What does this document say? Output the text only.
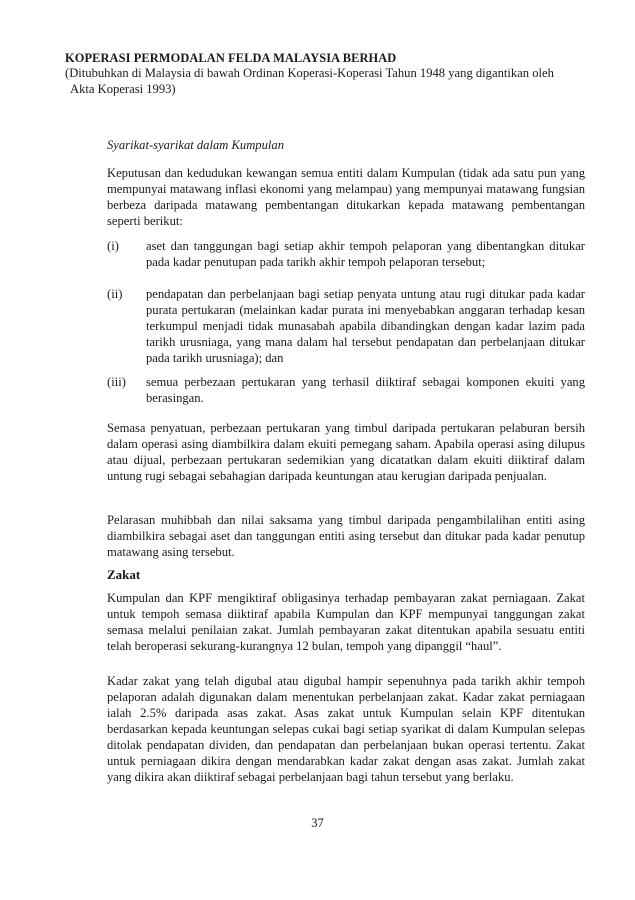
KOPERASI PERMODALAN FELDA MALAYSIA BERHAD

(Ditubuhkan di Malaysia di bawah Ordinan Koperasi-Koperasi Tahun 1948 yang digantikan oleh
Akta Koperasi 1993)

Syarikat-syarikat dalam Kumpulan

Keputusan dan kedudukan kewangan semua entiti dalam Kumpulan (tidak ada satu pun yang mempunyai matawang inflasi ekonomi yang melampau) yang mempunyai matawang fungsian berbeza daripada matawang pembentangan ditukarkan kepada matawang pembentangan seperti berikut:

(i) aset dan tanggungan bagi setiap akhir tempoh pelaporan yang dibentangkan ditukar pada kadar penutupan pada tarikh akhir tempoh pelaporan tersebut;

(ii) pendapatan dan perbelanjaan bagi setiap penyata untung atau rugi ditukar pada kadar purata pertukaran (melainkan kadar purata ini menyebabkan anggaran terhadap kesan terkumpul menjadi tidak munasabah apabila dibandingkan dengan kadar lazim pada tarikh urusniaga, yang mana dalam hal tersebut pendapatan dan perbelanjaan ditukar pada tarikh urusniaga); dan

(iii) semua perbezaan pertukaran yang terhasil diiktiraf sebagai komponen ekuiti yang berasingan.

Semasa penyatuan, perbezaan pertukaran yang timbul daripada pertukaran pelaburan bersih dalam operasi asing diambilkira dalam ekuiti pemegang saham. Apabila operasi asing dilupus atau dijual, perbezaan pertukaran sedemikian yang dicatatkan dalam ekuiti diiktiraf dalam untung rugi sebagai sebahagian daripada keuntungan atau kerugian daripada penjualan.

Pelarasan muhibbah dan nilai saksama yang timbul daripada pengambilalihan entiti asing diambilkira sebagai aset dan tanggungan entiti asing tersebut dan ditukar pada kadar penutup matawang asing tersebut.

Zakat

Kumpulan dan KPF mengiktiraf obligasinya terhadap pembayaran zakat perniagaan. Zakat untuk tempoh semasa diiktiraf apabila Kumpulan dan KPF mempunyai tanggungan zakat semasa melalui penilaian zakat. Jumlah pembayaran zakat ditentukan apabila sesuatu entiti telah beroperasi sekurang-kurangnya 12 bulan, tempoh yang dipanggil “haul”.

Kadar zakat yang telah digubal atau digubal hampir sepenuhnya pada tarikh akhir tempoh pelaporan adalah digunakan dalam menentukan perbelanjaan zakat. Kadar zakat perniagaan ialah 2.5% daripada asas zakat. Asas zakat untuk Kumpulan selain KPF ditentukan berdasarkan kepada keuntungan selepas cukai bagi setiap syarikat di dalam Kumpulan selepas ditolak pendapatan dividen, dan pendapatan dan perbelanjaan bukan operasi tertentu. Zakat untuk perniagaan dikira dengan mendarabkan kadar zakat dengan asas zakat. Jumlah zakat yang dikira akan diiktiraf sebagai perbelanjaan bagi tahun tersebut yang berlaku.

37
